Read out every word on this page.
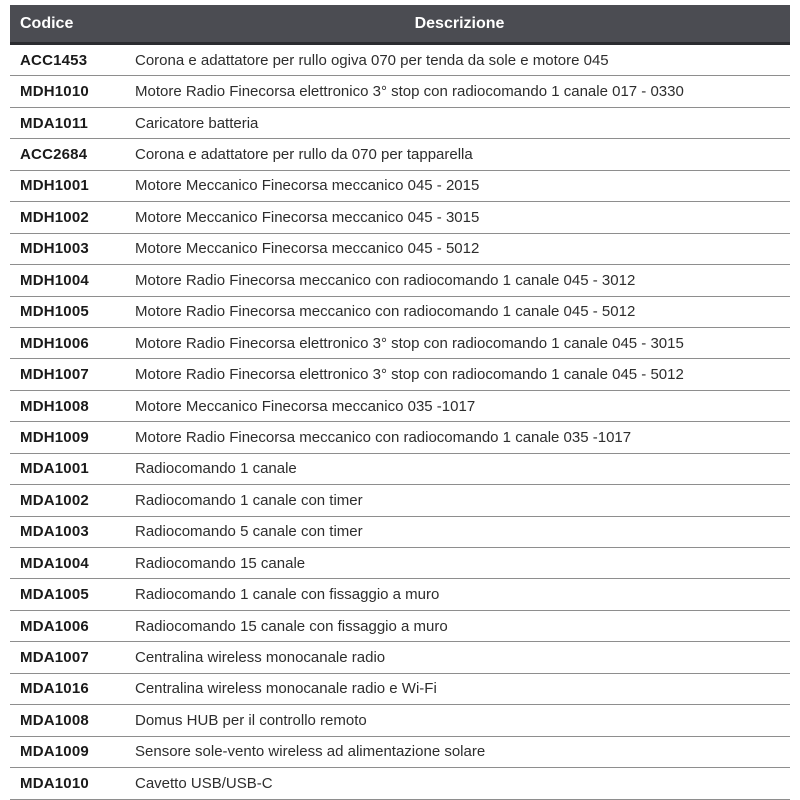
Codice	Descrizione
ACC1453	Corona e adattatore per rullo ogiva 070 per tenda da sole e motore 045
MDH1010	Motore Radio Finecorsa elettronico 3° stop con radiocomando 1 canale 017 - 0330
MDA1011	Caricatore batteria
ACC2684	Corona e adattatore per rullo da 070 per tapparella
MDH1001	Motore Meccanico Finecorsa meccanico 045 - 2015
MDH1002	Motore Meccanico Finecorsa meccanico 045 - 3015
MDH1003	Motore Meccanico Finecorsa meccanico 045 - 5012
MDH1004	Motore Radio Finecorsa meccanico con radiocomando 1 canale 045 - 3012
MDH1005	Motore Radio Finecorsa meccanico con radiocomando 1 canale 045 - 5012
MDH1006	Motore Radio Finecorsa elettronico 3° stop con radiocomando 1 canale 045 - 3015
MDH1007	Motore Radio Finecorsa elettronico 3° stop con radiocomando 1 canale 045 - 5012
MDH1008	Motore Meccanico Finecorsa meccanico 035 -1017
MDH1009	Motore Radio Finecorsa meccanico con radiocomando 1 canale 035 -1017
MDA1001	Radiocomando 1 canale
MDA1002	Radiocomando 1 canale con timer
MDA1003	Radiocomando 5 canale con timer
MDA1004	Radiocomando 15 canale
MDA1005	Radiocomando 1 canale con fissaggio a muro
MDA1006	Radiocomando 15 canale con fissaggio a muro
MDA1007	Centralina wireless monocanale radio
MDA1016	Centralina wireless monocanale radio e Wi-Fi
MDA1008	Domus HUB per il controllo remoto
MDA1009	Sensore sole-vento wireless ad alimentazione solare
MDA1010	Cavetto USB/USB-C
